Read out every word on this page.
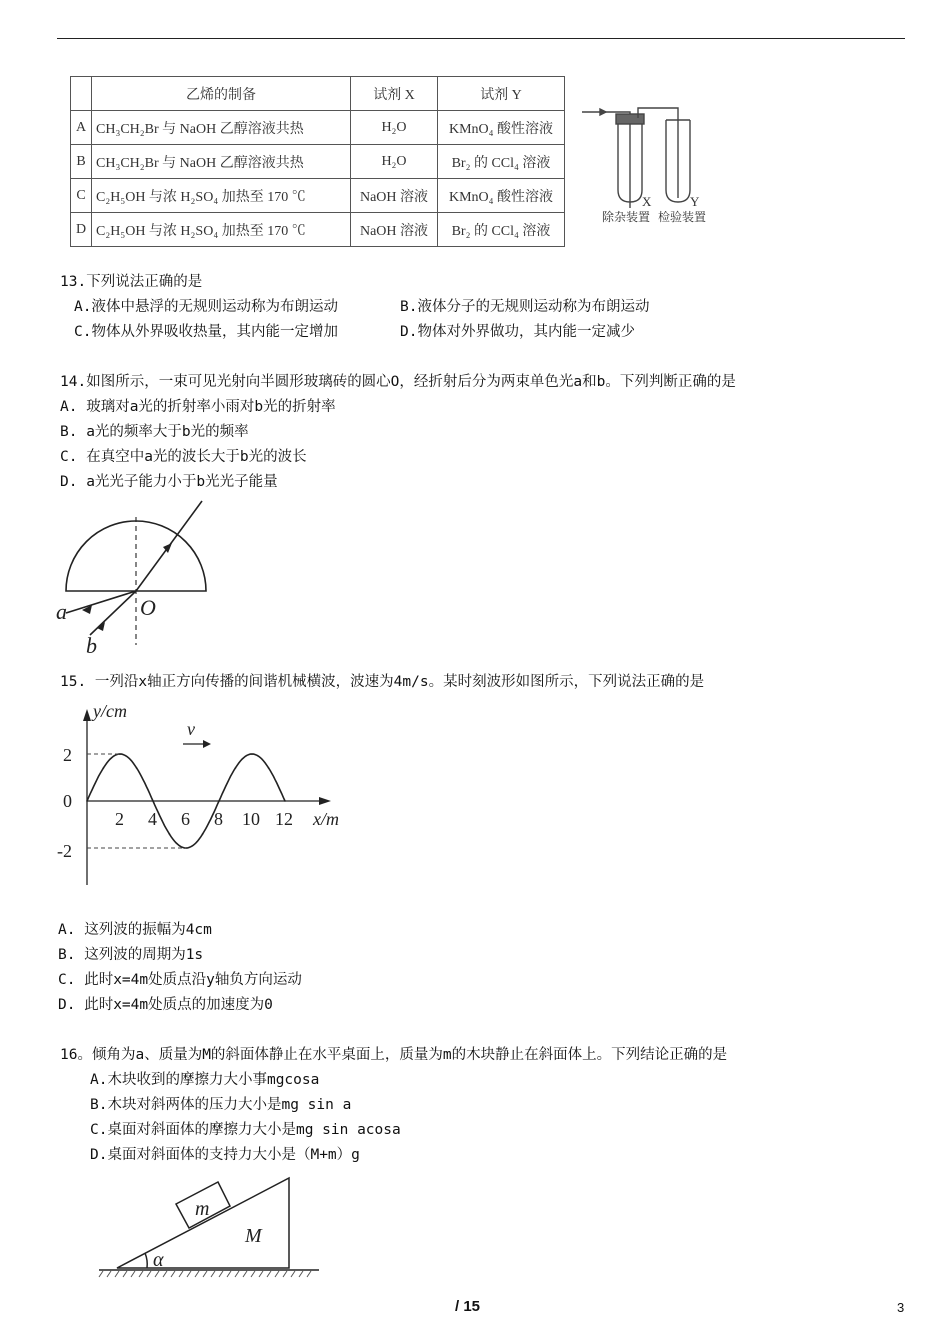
	乙烯的制备	试剂 X	试剂 Y
A	CH₃CH₂Br 与 NaOH 乙醇溶液共热	H₂O	KMnO₄ 酸性溶液
B	CH₃CH₂Br 与 NaOH 乙醇溶液共热	H₂O	Br₂ 的 CCl₄ 溶液
C	C₂H₅OH 与浓 H₂SO₄ 加热至 170 ℃	NaOH 溶液	KMnO₄ 酸性溶液
D	C₂H₅OH 与浓 H₂SO₄ 加热至 170 ℃	NaOH 溶液	Br₂ 的 CCl₄ 溶液
X	Y
除杂装置 检验装置
13.下列说法正确的是
A.液体中悬浮的无规则运动称为布朗运动	B.液体分子的无规则运动称为布朗运动
C.物体从外界吸收热量，其内能一定增加	D.物体对外界做功，其内能一定减少
14.如图所示，一束可见光射向半圆形玻璃砖的圆心O，经折射后分为两束单色光a和b。下列判断正确的是
A. 玻璃对a光的折射率小雨对b光的折射率
B. a光的频率大于b光的频率
C. 在真空中a光的波长大于b光的波长
D. a光光子能力小于b光光子能量
a
b
O
15. 一列沿x轴正方向传播的间谐机械横波，波速为4m/s。某时刻波形如图所示，下列说法正确的是
y/cm
x/m
v
2
0
-2
2 4 6 8 10 12
A. 这列波的振幅为4cm
B. 这列波的周期为1s
C. 此时x=4m处质点沿y轴负方向运动
D. 此时x=4m处质点的加速度为0
16。倾角为a、质量为M的斜面体静止在水平桌面上，质量为m的木块静止在斜面体上。下列结论正确的是
A.木块收到的摩擦力大小事mgcosa
B.木块对斜两体的压力大小是mg sin a
C.桌面对斜面体的摩擦力大小是mg sin acosa
D.桌面对斜面体的支持力大小是（M+m）g
m
M
α
/ 15	3
